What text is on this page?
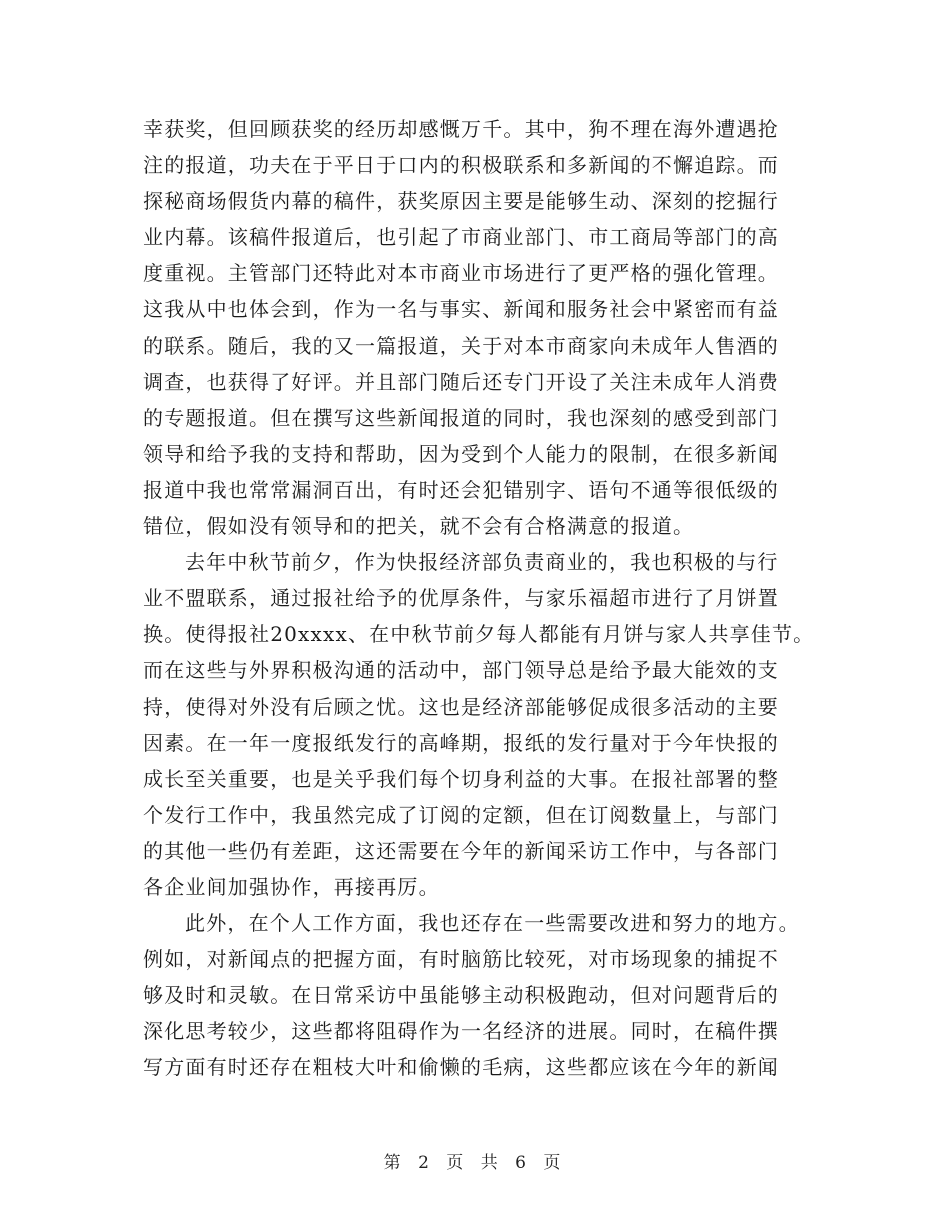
幸获奖，但回顾获奖的经历却感慨万千。其中，狗不理在海外遭遇抢
注的报道，功夫在于平日于口内的积极联系和多新闻的不懈追踪。而
探秘商场假货内幕的稿件，获奖原因主要是能够生动、深刻的挖掘行
业内幕。该稿件报道后，也引起了市商业部门、市工商局等部门的高
度重视。主管部门还特此对本市商业市场进行了更严格的强化管理。
这我从中也体会到，作为一名与事实、新闻和服务社会中紧密而有益
的联系。随后，我的又一篇报道，关于对本市商家向未成年人售酒的
调查，也获得了好评。并且部门随后还专门开设了关注未成年人消费
的专题报道。但在撰写这些新闻报道的同时，我也深刻的感受到部门
领导和给予我的支持和帮助，因为受到个人能力的限制，在很多新闻
报道中我也常常漏洞百出，有时还会犯错别字、语句不通等很低级的
错位，假如没有领导和的把关，就不会有合格满意的报道。
去年中秋节前夕，作为快报经济部负责商业的，我也积极的与行
业不盟联系，通过报社给予的优厚条件，与家乐福超市进行了月饼置
换。使得报社20xxxx、在中秋节前夕每人都能有月饼与家人共享佳节。
而在这些与外界积极沟通的活动中，部门领导总是给予最大能效的支
持，使得对外没有后顾之忧。这也是经济部能够促成很多活动的主要
因素。在一年一度报纸发行的高峰期，报纸的发行量对于今年快报的
成长至关重要，也是关乎我们每个切身利益的大事。在报社部署的整
个发行工作中，我虽然完成了订阅的定额，但在订阅数量上，与部门
的其他一些仍有差距，这还需要在今年的新闻采访工作中，与各部门
各企业间加强协作，再接再厉。
此外，在个人工作方面，我也还存在一些需要改进和努力的地方。
例如，对新闻点的把握方面，有时脑筋比较死，对市场现象的捕捉不
够及时和灵敏。在日常采访中虽能够主动积极跑动，但对问题背后的
深化思考较少，这些都将阻碍作为一名经济的进展。同时，在稿件撰
写方面有时还存在粗枝大叶和偷懒的毛病，这些都应该在今年的新闻
第 2 页 共 6 页
